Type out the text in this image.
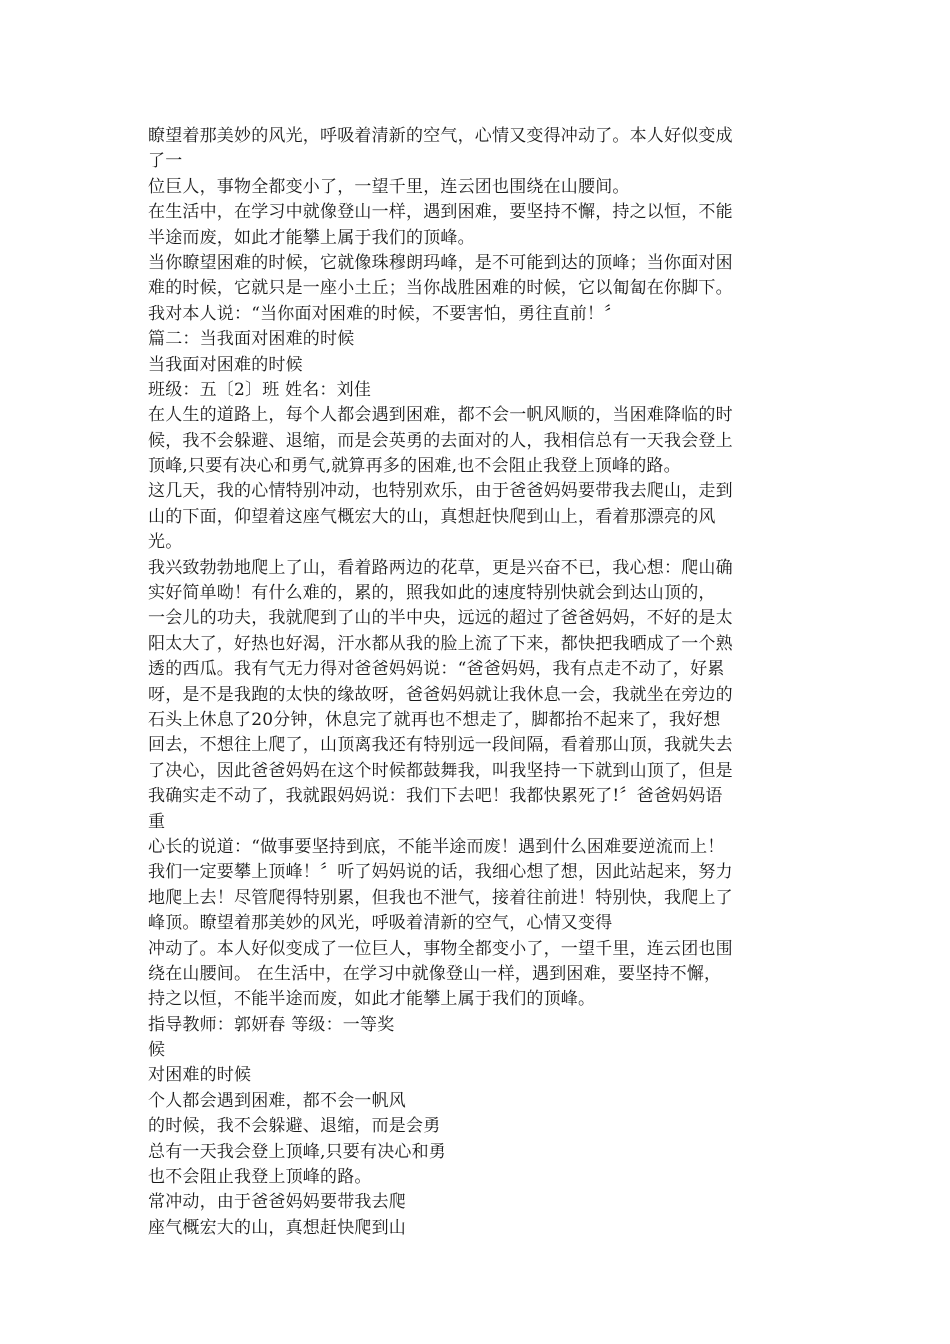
瞭望着那美妙的风光，呼吸着清新的空气，心情又变得冲动了。本人好似变成
了一
位巨人，事物全都变小了，一望千里，连云团也围绕在山腰间。
在生活中，在学习中就像登山一样，遇到困难，要坚持不懈，持之以恒，不能
半途而废，如此才能攀上属于我们的顶峰。
当你瞭望困难的时候，它就像珠穆朗玛峰，是不可能到达的顶峰；当你面对困
难的时候，它就只是一座小土丘；当你战胜困难的时候，它以匍匐在你脚下。
我对本人说：“当你面对困难的时候，不要害怕，勇往直前！〞
篇二：当我面对困难的时候
当我面对困难的时候
班级：五〔2〕班 姓名：刘佳
在人生的道路上，每个人都会遇到困难，都不会一帆风顺的，当困难降临的时
候，我不会躲避、退缩，而是会英勇的去面对的人，我相信总有一天我会登上
顶峰,只要有决心和勇气,就算再多的困难,也不会阻止我登上顶峰的路。
这几天，我的心情特别冲动，也特别欢乐，由于爸爸妈妈要带我去爬山，走到
山的下面，仰望着这座气概宏大的山，真想赶快爬到山上，看着那漂亮的风
光。
我兴致勃勃地爬上了山，看着路两边的花草，更是兴奋不已，我心想：爬山确
实好简单呦！有什么难的，累的，照我如此的速度特别快就会到达山顶的，
一会儿的功夫，我就爬到了山的半中央，远远的超过了爸爸妈妈，不好的是太
阳太大了，好热也好渴，汗水都从我的脸上流了下来，都快把我晒成了一个熟
透的西瓜。我有气无力得对爸爸妈妈说：“爸爸妈妈，我有点走不动了，好累
呀，是不是我跑的太快的缘故呀，爸爸妈妈就让我休息一会，我就坐在旁边的
石头上休息了20分钟，休息完了就再也不想走了，脚都抬不起来了，我好想
回去，不想往上爬了，山顶离我还有特别远一段间隔，看着那山顶，我就失去
了决心，因此爸爸妈妈在这个时候都鼓舞我，叫我坚持一下就到山顶了，但是
我确实走不动了，我就跟妈妈说：我们下去吧！我都快累死了!〞爸爸妈妈语
重
心长的说道：“做事要坚持到底，不能半途而废！遇到什么困难要逆流而上！
我们一定要攀上顶峰！〞听了妈妈说的话，我细心想了想，因此站起来，努力
地爬上去！尽管爬得特别累，但我也不泄气，接着往前进！特别快，我爬上了
峰顶。瞭望着那美妙的风光，呼吸着清新的空气，心情又变得
冲动了。本人好似变成了一位巨人，事物全都变小了，一望千里，连云团也围
绕在山腰间。 在生活中，在学习中就像登山一样，遇到困难，要坚持不懈，
持之以恒，不能半途而废，如此才能攀上属于我们的顶峰。
指导教师：郭妍春 等级：一等奖
候
对困难的时候
个人都会遇到困难，都不会一帆风
的时候，我不会躲避、退缩，而是会勇
总有一天我会登上顶峰,只要有决心和勇
也不会阻止我登上顶峰的路。
常冲动，由于爸爸妈妈要带我去爬
座气概宏大的山，真想赶快爬到山
